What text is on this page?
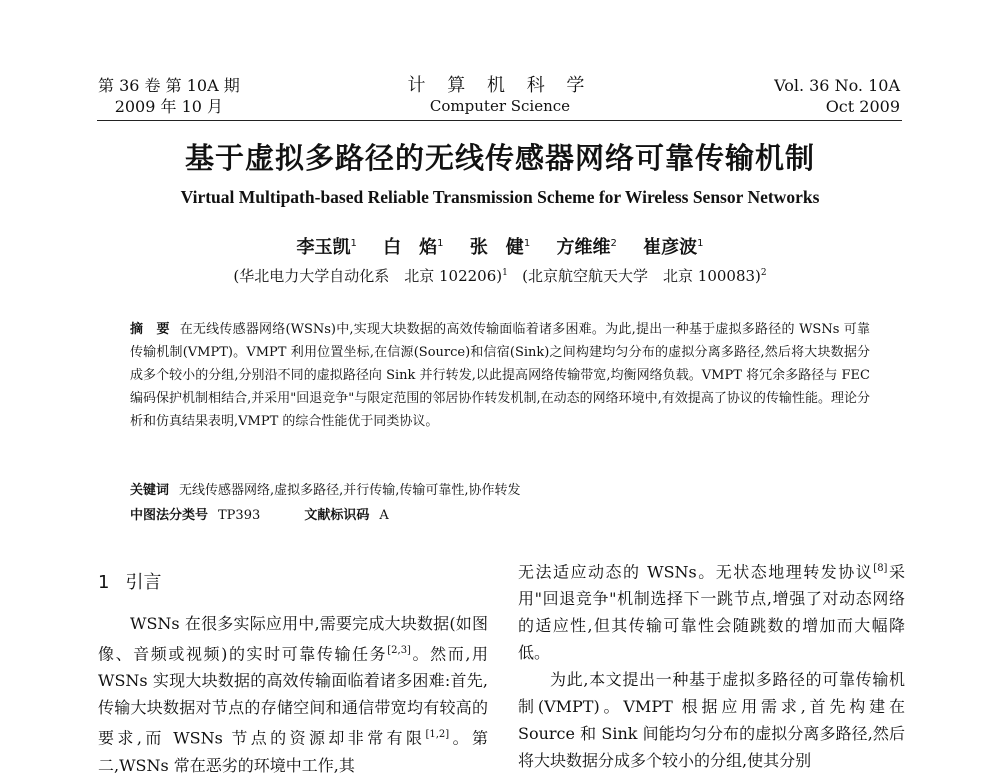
第 36 卷 第 10A 期
2009 年 10 月
计 算 机 科 学
Computer Science
Vol. 36 No. 10A
Oct 2009
基于虚拟多路径的无线传感器网络可靠传输机制
Virtual Multipath-based Reliable Transmission Scheme for Wireless Sensor Networks
李玉凯$^1$ 白　焰$^1$ 张　健$^1$ 方维维$^2$ 崔彦波$^1$
(华北电力大学自动化系　北京 102206)$^1$ (北京航空航天大学　北京 100083)$^2$
摘　要 在无线传感器网络(WSNs)中,实现大块数据的高效传输面临着诸多困难。为此,提出一种基于虚拟多路径的 WSNs 可靠传输机制(VMPT)。VMPT 利用位置坐标,在信源(Source)和信宿(Sink)之间构建均匀分布的虚拟分离多路径,然后将大块数据分成多个较小的分组,分别沿不同的虚拟路径向 Sink 并行转发,以此提高网络传输带宽,均衡网络负载。VMPT 将冗余多路径与 FEC 编码保护机制相结合,并采用"回退竞争"与限定范围的邻居协作转发机制,在动态的网络环境中,有效提高了协议的传输性能。理论分析和仿真结果表明,VMPT 的综合性能优于同类协议。
关键词 无线传感器网络,虚拟多路径,并行传输,传输可靠性,协作转发
中图法分类号 TP393	文献标识码 A
1 引言

WSNs 在很多实际应用中,需要完成大块数据(如图像、音频或视频)的实时可靠传输任务[2,3]。然而,用 WSNs 实现大块数据的高效传输面临着诸多困难:首先,传输大块数据对节点的存储空间和通信带宽均有较高的要求,而 WSNs 节点的资源却非常有限[1,2]。第二,WSNs 常在恶劣的环境中工作,其

无法适应动态的 WSNs。无状态地理转发协议[8]采用"回退竞争"机制选择下一跳节点,增强了对动态网络的适应性,但其传输可靠性会随跳数的增加而大幅降低。

为此,本文提出一种基于虚拟多路径的可靠传输机制(VMPT)。VMPT 根据应用需求,首先构建在 Source 和 Sink 间能均匀分布的虚拟分离多路径,然后将大块数据分成多个较小的分组,使其分别
